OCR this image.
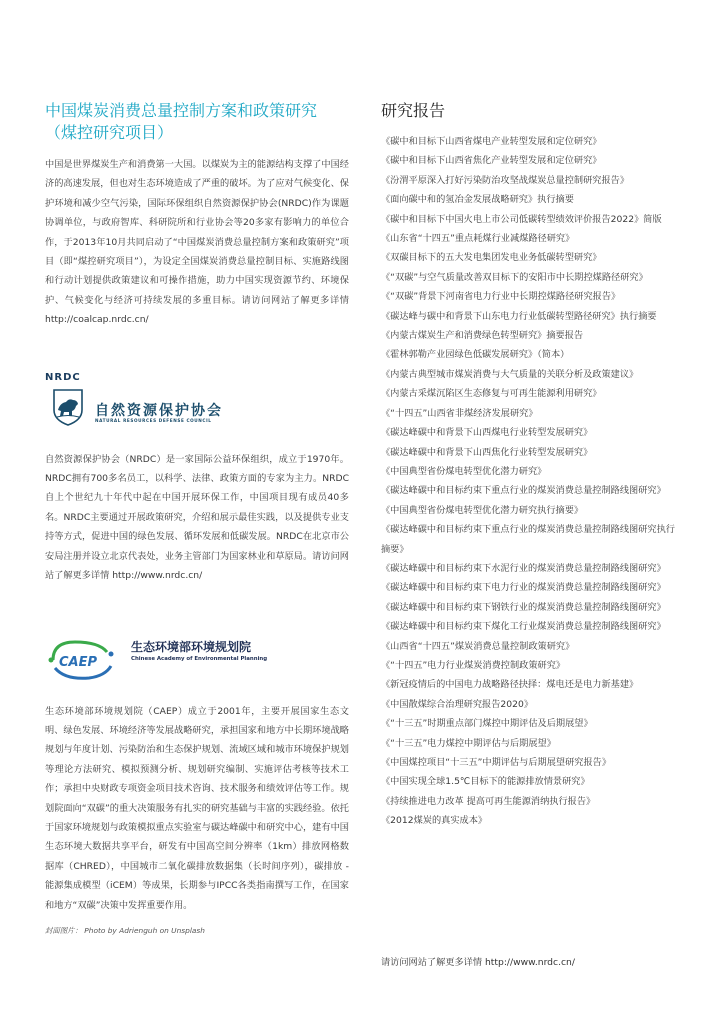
中国煤炭消费总量控制方案和政策研究
（煤控研究项目）

中国是世界煤炭生产和消费第一大国。以煤炭为主的能源结构支撑了中国经济的高速发展，但也对生态环境造成了严重的破坏。为了应对气候变化、保护环境和减少空气污染，国际环保组织自然资源保护协会(NRDC)作为课题协调单位，与政府智库、科研院所和行业协会等20多家有影响力的单位合作，于2013年10月共同启动了“中国煤炭消费总量控制方案和政策研究”项目（即“煤控研究项目”），为设定全国煤炭消费总量控制目标、实施路线图和行动计划提供政策建议和可操作措施，助力中国实现资源节约、环境保护、气候变化与经济可持续发展的多重目标。请访问网站了解更多详情 http://coalcap.nrdc.cn/

NRDC
自然资源保护协会
NATURAL RESOURCES DEFENSE COUNCIL

自然资源保护协会（NRDC）是一家国际公益环保组织，成立于1970年。NRDC拥有700多名员工，以科学、法律、政策方面的专家为主力。NRDC自上个世纪九十年代中起在中国开展环保工作，中国项目现有成员40多名。NRDC主要通过开展政策研究，介绍和展示最佳实践，以及提供专业支持等方式，促进中国的绿色发展、循环发展和低碳发展。NRDC在北京市公安局注册并设立北京代表处，业务主管部门为国家林业和草原局。请访问网站了解更多详情 http://www.nrdc.cn/

CAEP
生态环境部环境规划院
Chinese Academy of Environmental Planning

生态环境部环境规划院（CAEP）成立于2001年，主要开展国家生态文明、绿色发展、环境经济等发展战略研究，承担国家和地方中长期环境战略规划与年度计划、污染防治和生态保护规划、流域区域和城市环境保护规划等理论方法研究、模拟预测分析、规划研究编制、实施评估考核等技术工作；承担中央财政专项资金项目技术咨询、技术服务和绩效评估等工作。规划院面向“双碳”的重大决策服务有扎实的研究基础与丰富的实践经验。依托于国家环境规划与政策模拟重点实验室与碳达峰碳中和研究中心，建有中国生态环境大数据共享平台，研发有中国高空间分辨率（1km）排放网格数据库（CHRED），中国城市二氧化碳排放数据集（长时间序列），碳排放 - 能源集成模型（iCEM）等成果，长期参与IPCC各类指南撰写工作，在国家和地方“双碳”决策中发挥重要作用。

封面图片： Photo by Adrienguh on Unsplash
研究报告
《碳中和目标下山西省煤电产业转型发展和定位研究》
《碳中和目标下山西省焦化产业转型发展和定位研究》
《汾渭平原深入打好污染防治攻坚战煤炭总量控制研究报告》
《面向碳中和的氢冶金发展战略研究》执行摘要
《碳中和目标下中国火电上市公司低碳转型绩效评价报告2022》简版
《山东省“十四五”重点耗煤行业减煤路径研究》
《双碳目标下的五大发电集团发电业务低碳转型研究》
《“双碳”与空气质量改善双目标下的安阳市中长期控煤路径研究》
《“双碳”背景下河南省电力行业中长期控煤路径研究报告》
《碳达峰与碳中和背景下山东电力行业低碳转型路径研究》执行摘要
《内蒙古煤炭生产和消费绿色转型研究》摘要报告
《霍林郭勒产业园绿色低碳发展研究》（简本）
《内蒙古典型城市煤炭消费与大气质量的关联分析及政策建议》
《内蒙古采煤沉陷区生态修复与可再生能源利用研究》
《“十四五”山西省非煤经济发展研究》
《碳达峰碳中和背景下山西煤电行业转型发展研究》
《碳达峰碳中和背景下山西焦化行业转型发展研究》
《中国典型省份煤电转型优化潜力研究》
《碳达峰碳中和目标约束下重点行业的煤炭消费总量控制路线图研究》
《中国典型省份煤电转型优化潜力研究执行摘要》
《碳达峰碳中和目标约束下重点行业的煤炭消费总量控制路线图研究执行摘要》
《碳达峰碳中和目标约束下水泥行业的煤炭消费总量控制路线图研究》
《碳达峰碳中和目标约束下电力行业的煤炭消费总量控制路线图研究》
《碳达峰碳中和目标约束下钢铁行业的煤炭消费总量控制路线图研究》
《碳达峰碳中和目标约束下煤化工行业煤炭消费总量控制路线图研究》
《山西省“十四五”煤炭消费总量控制政策研究》
《“十四五”电力行业煤炭消费控制政策研究》
《新冠疫情后的中国电力战略路径抉择：煤电还是电力新基建》
《中国散煤综合治理研究报告2020》
《“十三五”时期重点部门煤控中期评估及后期展望》
《“十三五”电力煤控中期评估与后期展望》
《中国煤控项目“十三五”中期评估与后期展望研究报告》
《中国实现全球1.5℃目标下的能源排放情景研究》
《持续推进电力改革 提高可再生能源消纳执行报告》
《2012煤炭的真实成本》
请访问网站了解更多详情 http://www.nrdc.cn/
